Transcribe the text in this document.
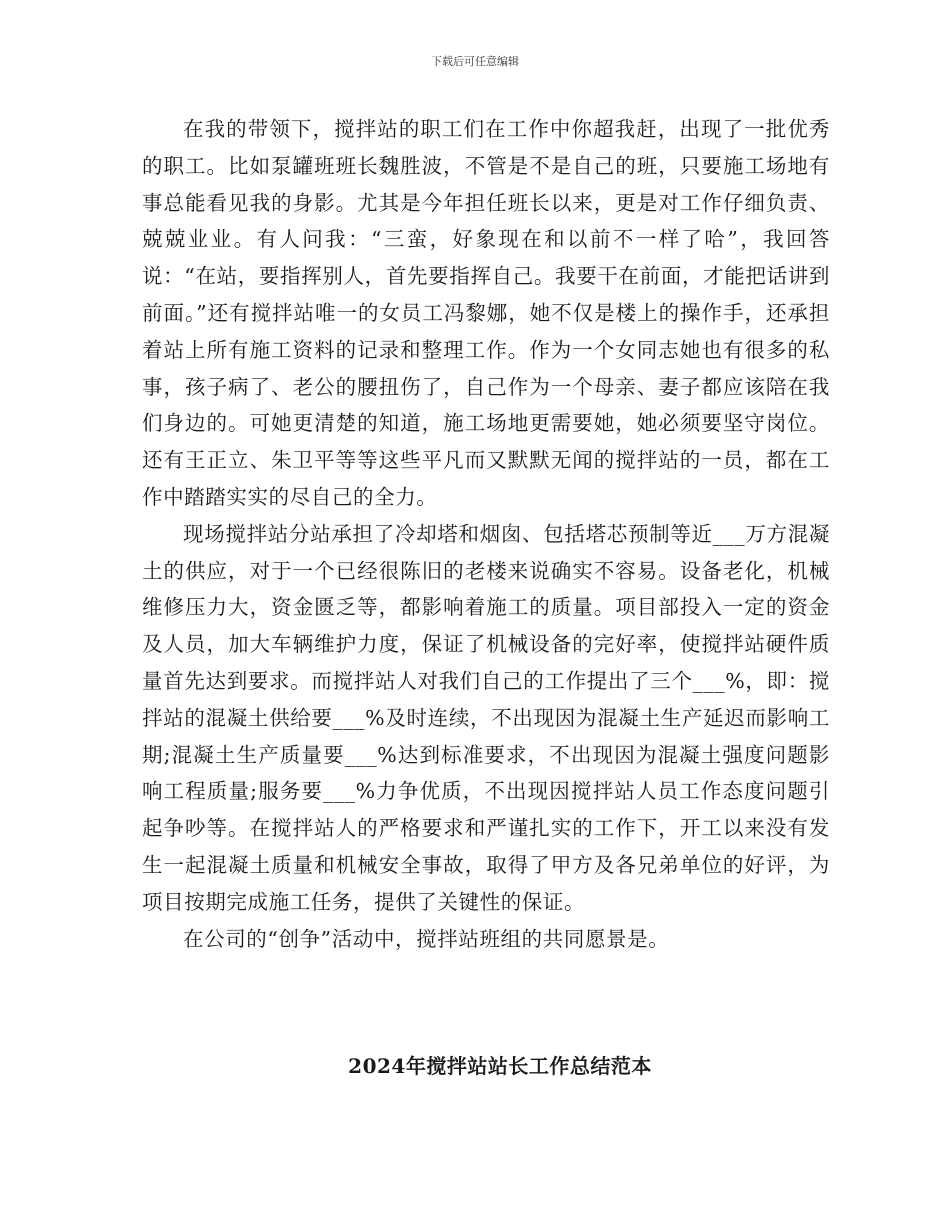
下载后可任意编辑

在我的带领下，搅拌站的职工们在工作中你超我赶，出现了一批优秀的职工。比如泵罐班班长魏胜波，不管是不是自己的班，只要施工场地有事总能看见我的身影。尤其是今年担任班长以来，更是对工作仔细负责、兢兢业业。有人问我：“三蛮，好象现在和以前不一样了哈”，我回答说：“在站，要指挥别人，首先要指挥自己。我要干在前面，才能把话讲到前面。”还有搅拌站唯一的女员工冯黎娜，她不仅是楼上的操作手，还承担着站上所有施工资料的记录和整理工作。作为一个女同志她也有很多的私事，孩子病了、老公的腰扭伤了，自己作为一个母亲、妻子都应该陪在我们身边的。可她更清楚的知道，施工场地更需要她，她必须要坚守岗位。还有王正立、朱卫平等等这些平凡而又默默无闻的搅拌站的一员，都在工作中踏踏实实的尽自己的全力。

现场搅拌站分站承担了冷却塔和烟囱、包括塔芯预制等近___万方混凝土的供应，对于一个已经很陈旧的老楼来说确实不容易。设备老化，机械维修压力大，资金匮乏等，都影响着施工的质量。项目部投入一定的资金及人员，加大车辆维护力度，保证了机械设备的完好率，使搅拌站硬件质量首先达到要求。而搅拌站人对我们自己的工作提出了三个___%，即：搅拌站的混凝土供给要___%及时连续，不出现因为混凝土生产延迟而影响工期;混凝土生产质量要___%达到标准要求，不出现因为混凝土强度问题影响工程质量;服务要___%力争优质，不出现因搅拌站人员工作态度问题引起争吵等。在搅拌站人的严格要求和严谨扎实的工作下，开工以来没有发生一起混凝土质量和机械安全事故，取得了甲方及各兄弟单位的好评，为项目按期完成施工任务，提供了关键性的保证。

在公司的“创争”活动中，搅拌站班组的共同愿景是。

2024年搅拌站站长工作总结范本
